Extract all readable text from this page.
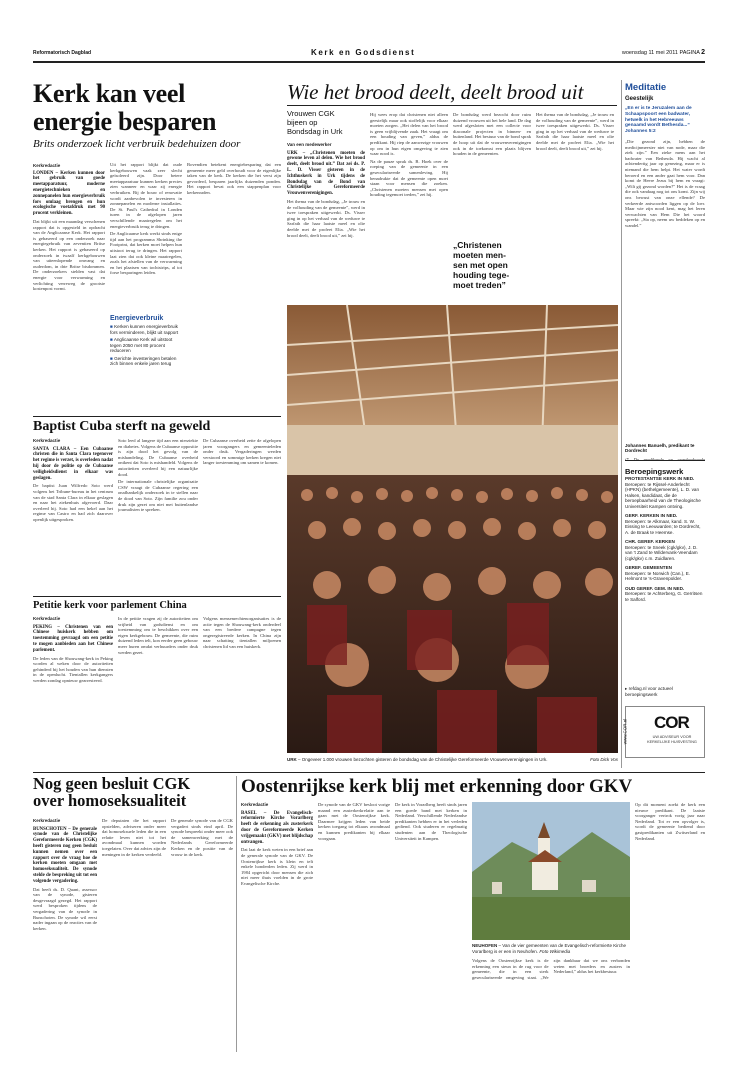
Reformatorisch Dagblad	Kerk en Godsdienst	woensdag 11 mei 2011 PAGINA 2
Kerk kan veel
energie besparen
Brits onderzoek licht verbruik bedehuizen door
Kerkredactie

LONDEN – Kerken kunnen door het gebruik van goede meetapparatuur, moderne energietechnieken en zonnepanelen hun energieverbruik fors omlaag brengen en hun ecologische voetafdruk met 90 procent verkleinen.

Dat blijkt uit een maandag verschenen rapport dat is opgesteld in opdracht van de Anglicaanse Kerk. Het rapport is gebaseerd op een onderzoek naar energiegebruik van zeventien Britse kerken. Het rapport is gebaseerd op onderzoek in twaalf kerkgebouwen van uiteenlopende omvang en ouderdom, in drie Britse bisdommen. De onderzoekers stelden vast dat energie voor verwarming en verlichting verreweg de grootste kostenpost vormt.

Uit het rapport blijkt dat oude kerkgebouwen vaak zeer slecht geïsoleerd zijn. Door betere meetapparatuur kunnen kerken precies zien wanneer en waar zij energie verbruiken. Bij de bouw of renovatie wordt aanbevolen te investeren in zonnepanelen en moderne installaties. De St. Paul's Cathedral in Londen turen in de afgelopen jaren verschillende maatregelen om het energieverbruik terug te dringen.

De Anglicaanse kerk werkt sinds enige tijd aan het programma Shrinking the Footprint, dat kerken moet helpen hun uitstoot terug te dringen. Het rapport laat zien dat ook kleine maatregelen, zoals het afstellen van de verwarming en het plaatsen van tochtstrips, al tot forse besparingen leiden.

Bovendien betekent energiebesparing dat een gemeente meer geld overhoudt voor de eigenlijke taken van de kerk. De kerken die het verst zijn gevorderd, besparen jaarlijks duizenden ponden. Het rapport bevat ook een stappenplan voor kerkenraden.

Energieverbruik
■ Kerken kunnen energieverbruik fors verminderen, blijkt uit rapport
■ Anglicaanse Kerk wil uitstoot tegen 2050 met 80 procent reduceren
■ Gerichte investeringen betalen zich binnen enkele jaren terug
Wie het brood deelt, deelt brood uit
Vrouwen CGK
bijeen op
Bondsdag in Urk
Van een medewerker

URK – „Christenen moeten de gewone leven al delen. Wie het brood deelt, deelt brood uit.” Dat zei ds. P. L. D. Visser gisteren in de Ichthuskerk in Urk tijdens de Bondsdag van de Bond van Christelijke Gereformeerde Vrouwenverenigingen.

Het thema van de bondsdag, „Je trouw en de volhouding van de gemeente”, werd in twee toespraken uitgewerkt. Ds. Visser ging in op het verhaal van de weduwe te Sarfath die haar laatste meel en olie deelde met de profeet Elia. „Wie het brood deelt, deelt brood uit,” zei hij.

Hij wees erop dat christenen niet alleen geestelijk maar ook stoffelijk voor elkaar moeten zorgen. „Het delen van het brood is geen vrijblijvende zaak. Het vraagt om een houding van geven,” aldus de predikant. Hij riep de aanwezige vrouwen op om in hun eigen omgeving te zien waar nood is.

Na de pauze sprak ds. B. Hoek over de roeping van de gemeente in een geseculariseerde samenleving. Hij benadrukte dat de gemeente open moet staan voor mensen die zoeken. „Christenen moeten mensen met open houding tegemoet treden,” zei hij.

De bondsdag werd bezocht door ruim duizend vrouwen uit het hele land. De dag werd afgesloten met een collecte voor diaconale projecten in binnen- en buitenland. Het bestuur van de bond sprak de hoop uit dat de vrouwenverenigingen ook in de toekomst een plaats blijven houden in de gemeenten.

Het thema van de bondsdag, „Je trouw en de volhouding van de gemeente”, werd in twee toespraken uitgewerkt. Ds. Visser ging in op het verhaal van de weduwe te Sarfath die haar laatste meel en olie deelde met de profeet Elia. „Wie het brood deelt, deelt brood uit,” zei hij.

„Christenen
moeten men-
sen met open
houding tege-
moet treden”
URK – Ongeveer 1.000 vrouwen bezochten gisteren de bondsdag van de Christelijke Gereformeerde Vrouwenverenigingen in Urk.	Foto Dick Vos
Meditatie
Geestelijk
„En er is te Jeruzalem aan de Schaapspoort een badwater, hetwelk in het Hebreeuws genaamd wordt Bethesda...” Johannes 5:2
„Die gezond zijn, hebben de medicijnmeester niet van node, maar die ziek zijn.” Een zieke mens aan het badwater van Bethesda. Hij wacht al achtendertig jaar op genezing, maar er is niemand die hem helpt. Het water wordt beroerd en een ander gaat hem voor. Dan komt de Heere Jezus bij hem en vraagt: „Wilt gij gezond worden?” Het is de vraag die ook vandaag nog tot ons komt. Zijn wij ons bewust van onze ellende? De verkeerde antwoorden liggen op de loer. Maar wie zijn nood kent, mag het leren verwachten van Hem Die het woord spreekt: „Sta op, neem uw beddeken op en wandel.”
Johannes Banuelh, predikant te Dordrecht
Beroepingswerk
PROTESTANTSE KERK IN NED.
Beroepen: te Rijssel-Anderlecht (HPKN) (bethelgemeente), L. D. van Halsen, kandidaat, die de beroepbaarheid van de Theologische Universiteit Kampen ontving.
GERF. KERKEN IN NED.
Beroepen: te Alkmaar, kand. S. W. Eissing te Leeuwarden; te Dordrecht, A. de Braak te Heemse.
CHR. GEREF. KERKEN
Beroepen: te Sneek (cgk/gkv), J. D. van 't Zand te Wildervank-Veendam (cgk/gkv) c.m. Zuidlaren.
GEREF. GEMEENTEN
Beroepen: te Norwich (Can.), E. Helmont te 's-Gravenpolder.
OUD GEREF. GEM. IN NED.
Beroepen: te Achterberg, G. Gerritsen te Salford.
▸ refdag.nl voor actueel beroepingswerk
www.COR.nl COR
UW ADVISEUR VOOR KERKELIJKE HUISVESTING
Baptist Cuba sterft na geweld
Kerkredactie

SANTA CLARA – Een Cubaanse christen die in Santa Clara tegenover het regime is verzet, is overleden nadat hij door de politie op de Cubaanse veiligheidsdienst in elkaar was geslagen.

De baptist Juan Wilfredo Soto werd volgens het Tribune-bureau in het centrum van de stad Santa Clara in elkaar geslagen en naar het ziekenhuis afgevoerd. Daar overleed hij. Soto had een hekel aan het regime van Castro en had zich daarover openlijk uitgesproken.

Soto leed al langere tijd aan een nierziekte en diabetes. Volgens de Cubaanse oppositie is zijn dood het gevolg van de mishandeling. De Cubaanse overheid ontkent dat Soto is mishandeld. Volgens de autoriteiten overleed hij een natuurlijke dood.

De internationale christelijke organisatie CSW vraagt de Cubaanse regering een onafhankelijk onderzoek in te stellen naar de dood van Soto. Zijn familie zou onder druk zijn gezet om niet met buitenlandse journalisten te spreken.

De Cubaanse overheid zette de afgelopen jaren voorgangers en gemeenteleden onder druk. Vergaderingen werden verstoord en sommige kerken kregen niet langer toestemming om samen te komen.

Petitie kerk voor parlement China
Kerkredactie

PEKING – Christenen van een Chinese huiskerk hebben om toestemming gevraagd om een petitie te mogen aanbieden aan het Chinese parlement.

De leden van de Shouwang-kerk in Peking worden al weken door de autoriteiten gehinderd bij het houden van hun diensten in de openlucht. Tientallen kerkgangers werden zondag opnieuw gearresteerd.

In de petitie vragen zij de autoriteiten om vrijheid van godsdienst en om toestemming om te beschikken over een eigen kerkgebouw. De gemeente, die ruim duizend leden telt, kon eerder geen gebouw meer huren omdat verhuurders onder druk werden gezet.

Volgens mensenrechtenorganisaties is de actie tegen de Shouwang-kerk onderdeel van een bredere campagne tegen ongeregistreerde kerken. In China zijn naar schatting tientallen miljoenen christenen lid van een huiskerk.

Nog geen besluit CGK
over homoseksualiteit
Kerkredactie

BUNSCHOTEN – De generale synode van de Christelijke Gereformeerde Kerken (CGK) heeft gisteren nog geen besluit kunnen nemen over een rapport over de vraag hoe de kerken moeten omgaan met homoseksualiteit. De synode stelde de bespreking uit tot een volgende vergadering.

Dat heeft ds. D. Quant, assessor van de synode, gisteren desgevraagd gezegd. Het rapport werd besproken tijdens de vergadering van de synode in Bunschoten. De synode wil eerst nader ingaan op de reacties van de kerken.

De deputaten die het rapport opstelden, adviseren onder meer dat homoseksuele leden die in een relatie leven niet tot het avondmaal kunnen worden toegelaten. Over dat advies zijn de meningen in de kerken verdeeld.

De generale synode van de CGK vergadert sinds eind april. De synode bespreekt onder meer ook de samenwerking met de Nederlands Gereformeerde Kerken en de positie van de vrouw in de kerk.

Oostenrijkse kerk blij met erkenning door GKV
Kerkredactie

BASEL – De Evangelisch-reformierte Kirche Vorarlberg heeft de erkenning als zusterkerk door de Gereformeerde Kerken vrijgemaakt (GKV) met blijdschap ontvangen.

Dat laat de kerk weten in een brief aan de generale synode van de GKV. De Oostenrijkse kerk is klein en telt enkele honderden leden. Zij werd in 1984 opgericht door mensen die zich niet meer thuis voelden in de grote Evangelische Kirche.

De synode van de GKV besloot vorige maand een zusterkerkrelatie aan te gaan met de Oostenrijkse kerk. Daarmee krijgen leden van beide kerken toegang tot elkaars avondmaal en kunnen predikanten bij elkaar voorgaan.

De kerk in Vorarlberg heeft sinds jaren een goede band met kerken in Nederland. Verschillende Nederlandse predikanten hebben er in het verleden gediend. Ook studeren er regelmatig studenten aan de Theologische Universiteit in Kampen.

NEUHOFEN – Van de vier gemeenten van de Evangelisch-reformierte Kirche Vorarlberg is er een in Neuhofen. Foto Wikimedia

Volgens de Oostenrijkse kerk is de erkenning een steun in de rug voor de gemeente, die in een sterk geseculariseerde omgeving staat. „We zijn dankbaar dat we ons verbonden weten met broeders en zusters in Nederland,” aldus het kerkbestuur.

Op dit moment zoekt de kerk een nieuwe predikant. De laatste voorganger vertrok vorig jaar naar Nederland. Tot er een opvolger is, wordt de gemeente bediend door gastpredikanten uit Zwitserland en Nederland.
